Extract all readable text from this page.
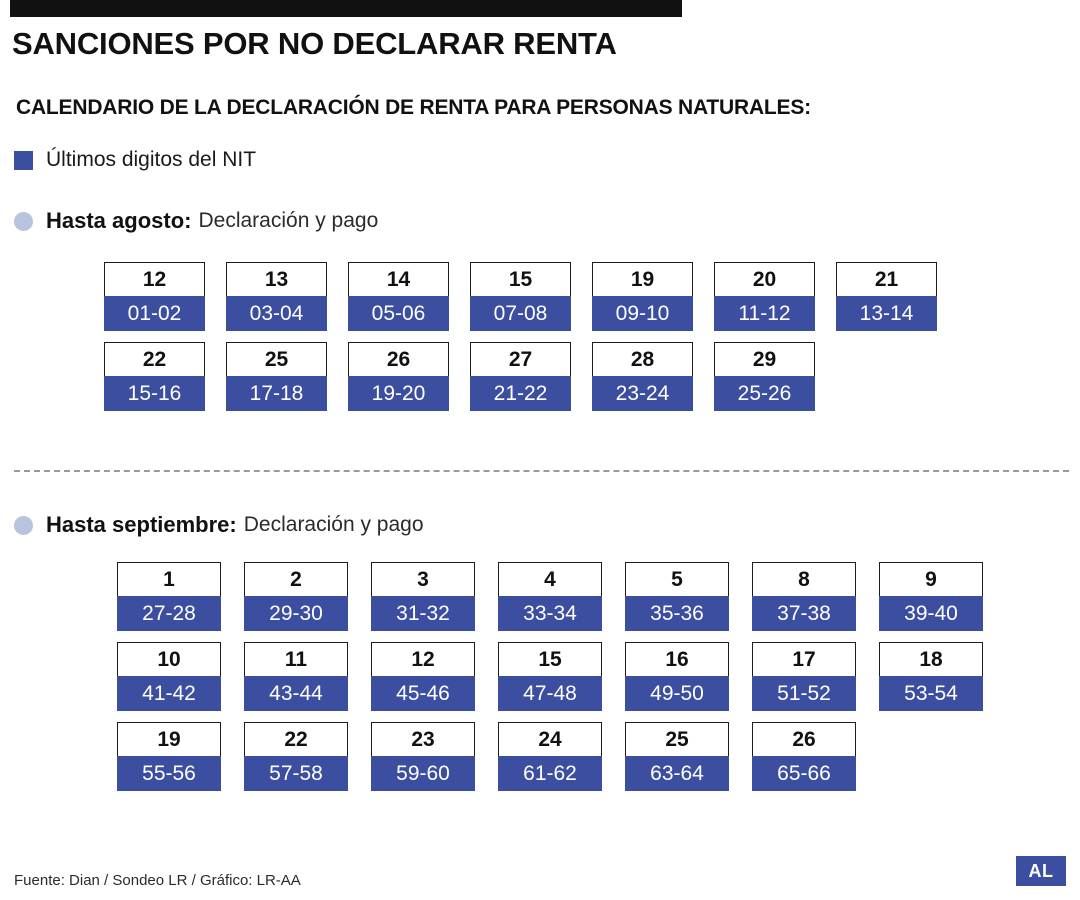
SANCIONES POR NO DECLARAR RENTA
CALENDARIO DE LA DECLARACIÓN DE RENTA PARA PERSONAS NATURALES:
Últimos digitos del NIT
Hasta agosto: Declaración y pago
12
01-02
13
03-04
14
05-06
15
07-08
19
09-10
20
11-12
21
13-14
22
15-16
25
17-18
26
19-20
27
21-22
28
23-24
29
25-26
Hasta septiembre: Declaración y pago
1
27-28
2
29-30
3
31-32
4
33-34
5
35-36
8
37-38
9
39-40
10
41-42
11
43-44
12
45-46
15
47-48
16
49-50
17
51-52
18
53-54
19
55-56
22
57-58
23
59-60
24
61-62
25
63-64
26
65-66
Fuente: Dian / Sondeo LR / Gráfico: LR-AA	AL
